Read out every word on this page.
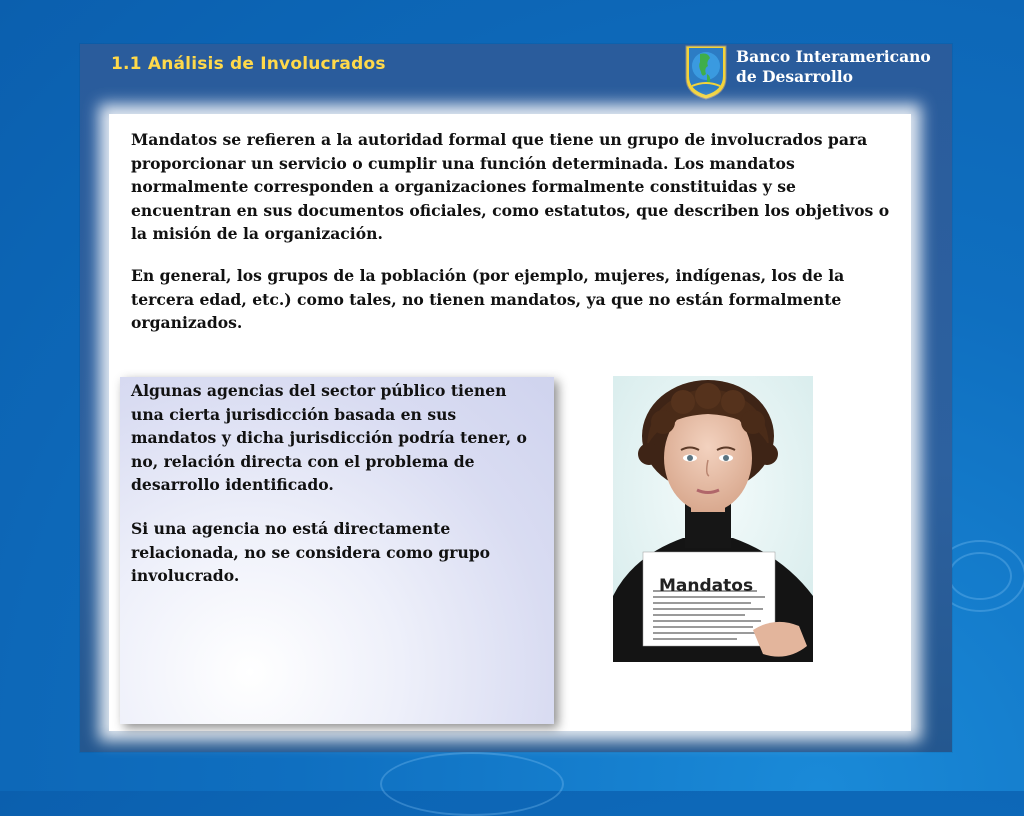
1.1 Análisis de Involucrados	Banco Interamericano
de Desarrollo

Mandatos se refieren a la autoridad formal que tiene un grupo de involucrados para proporcionar un servicio o cumplir una función determinada. Los mandatos normalmente corresponden a organizaciones formalmente constituidas y se encuentran en sus documentos oficiales, como estatutos, que describen los objetivos o la misión de la organización.

En general, los grupos de la población (por ejemplo, mujeres, indígenas, los de la tercera edad, etc.) como tales, no tienen mandatos, ya que no están formalmente organizados.

Algunas agencias del sector público tienen una cierta jurisdicción basada en sus mandatos y dicha jurisdicción podría tener, o no, relación directa con el problema de desarrollo identificado.

Si una agencia no está directamente relacionada, no se considera como grupo involucrado.

Mandatos
